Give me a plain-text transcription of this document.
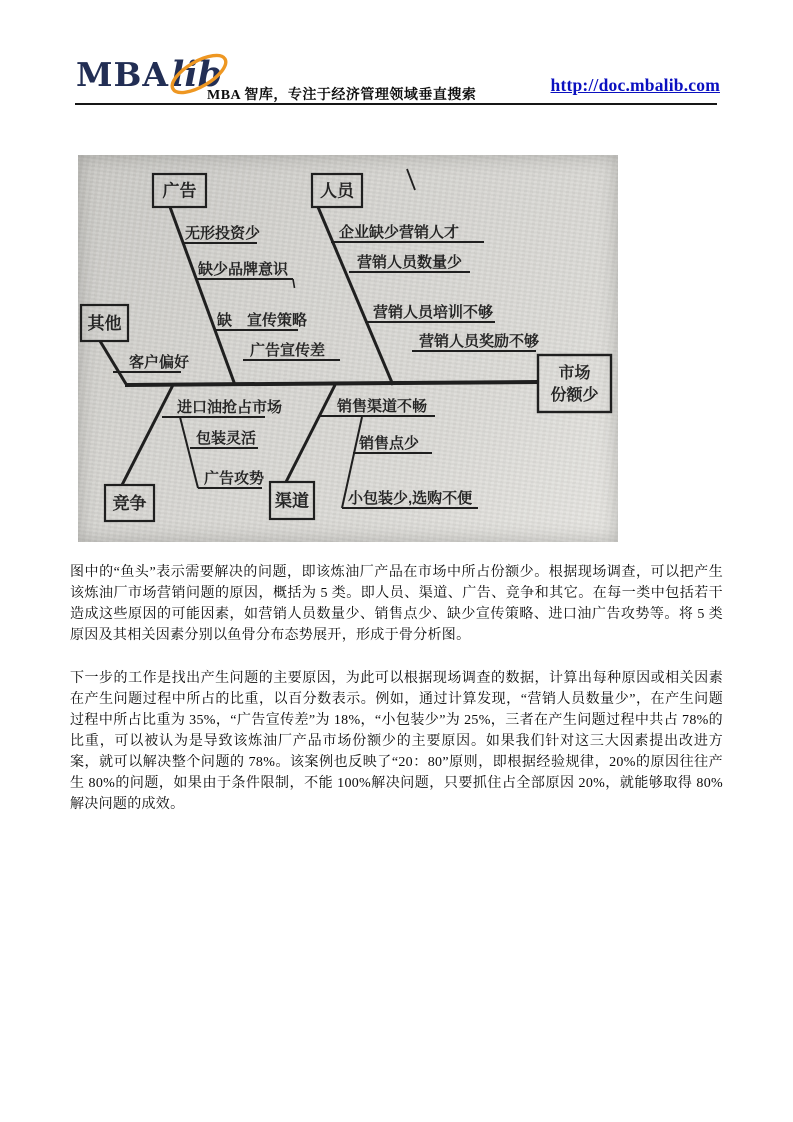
MBAlib
MBA 智库，专注于经济管理领域垂直搜索
http://doc.mbalib.com
市场
份额少
广告
无形投资少
缺少品牌意识
缺　宣传策略
广告宣传差
人员
企业缺少营销人才
营销人员数量少
营销人员培训不够
营销人员奖励不够
其他
客户偏好
竞争
进口油抢占市场
包装灵活
广告攻势
渠道
销售渠道不畅
销售点少
小包装少,选购不便

图中的“鱼头”表示需要解决的问题，即该炼油厂产品在市场中所占份额少。根据现场调查，可以把产生该炼油厂市场营销问题的原因，概括为 5 类。即人员、渠道、广告、竞争和其它。在每一类中包括若干造成这些原因的可能因素，如营销人员数量少、销售点少、缺少宣传策略、进口油广告攻势等。将 5 类原因及其相关因素分别以鱼骨分布态势展开，形成于骨分析图。

下一步的工作是找出产生问题的主要原因，为此可以根据现场调查的数据，计算出每种原因或相关因素在产生问题过程中所占的比重，以百分数表示。例如，通过计算发现，“营销人员数量少”，在产生问题过程中所占比重为 35%，“广告宣传差”为 18%，“小包装少”为 25%，三者在产生问题过程中共占 78%的比重，可以被认为是导致该炼油厂产品市场份额少的主要原因。如果我们针对这三大因素提出改进方案，就可以解决整个问题的 78%。该案例也反映了“20：80”原则，即根据经验规律，20%的原因往往产生 80%的问题，如果由于条件限制，不能 100%解决问题，只要抓住占全部原因 20%，就能够取得 80%解决问题的成效。
